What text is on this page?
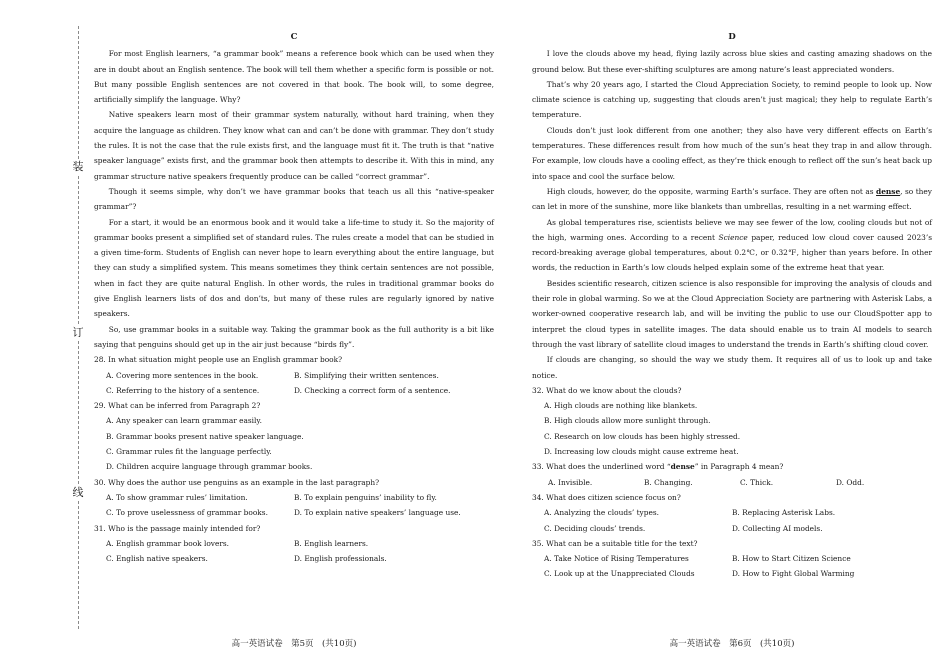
装
订
线
C

For most English learners, “a grammar book” means a reference book which can be used when they are in doubt about an English sentence. The book will tell them whether a specific form is possible or not. But many possible English sentences are not covered in that book. The book will, to some degree, artificially simplify the language. Why?

Native speakers learn most of their grammar system naturally, without hard training, when they acquire the language as children. They know what can and can’t be done with grammar. They don’t study the rules. It is not the case that the rule exists first, and the language must fit it. The truth is that “native speaker language” exists first, and the grammar book then attempts to describe it. With this in mind, any grammar structure native speakers frequently produce can be called “correct grammar”.

Though it seems simple, why don’t we have grammar books that teach us all this “native-speaker grammar”?

For a start, it would be an enormous book and it would take a life-time to study it. So the majority of grammar books present a simplified set of standard rules. The rules create a model that can be studied in a given time-form. Students of English can never hope to learn everything about the entire language, but they can study a simplified system. This means sometimes they think certain sentences are not possible, when in fact they are quite natural English. In other words, the rules in traditional grammar books do give English learners lists of dos and don’ts, but many of these rules are regularly ignored by native speakers.

So, use grammar books in a suitable way. Taking the grammar book as the full authority is a bit like saying that penguins should get up in the air just because “birds fly”.

28. In what situation might people use an English grammar book?

A. Covering more sentences in the book.	B. Simplifying their written sentences.
C. Referring to the history of a sentence.	D. Checking a correct form of a sentence.

29. What can be inferred from Paragraph 2?

A. Any speaker can learn grammar easily.

B. Grammar books present native speaker language.

C. Grammar rules fit the language perfectly.

D. Children acquire language through grammar books.

30. Why does the author use penguins as an example in the last paragraph?

A. To show grammar rules’ limitation.	B. To explain penguins’ inability to fly.
C. To prove uselessness of grammar books.	D. To explain native speakers’ language use.

31. Who is the passage mainly intended for?

A. English grammar book lovers.	B. English learners.
C. English native speakers.	D. English professionals.
D

I love the clouds above my head, flying lazily across blue skies and casting amazing shadows on the ground below. But these ever-shifting sculptures are among nature’s least appreciated wonders.

That’s why 20 years ago, I started the Cloud Appreciation Society, to remind people to look up. Now climate science is catching up, suggesting that clouds aren’t just magical; they help to regulate Earth’s temperature.

Clouds don’t just look different from one another; they also have very different effects on Earth’s temperatures. These differences result from how much of the sun’s heat they trap in and allow through. For example, low clouds have a cooling effect, as they’re thick enough to reflect off the sun’s heat back up into space and cool the surface below.

High clouds, however, do the opposite, warming Earth’s surface. They are often not as dense, so they can let in more of the sunshine, more like blankets than umbrellas, resulting in a net warming effect.

As global temperatures rise, scientists believe we may see fewer of the low, cooling clouds but not of the high, warming ones. According to a recent Science paper, reduced low cloud cover caused 2023’s record-breaking average global temperatures, about 0.2℃, or 0.32℉, higher than years before. In other words, the reduction in Earth’s low clouds helped explain some of the extreme heat that year.

Besides scientific research, citizen science is also responsible for improving the analysis of clouds and their role in global warming. So we at the Cloud Appreciation Society are partnering with Asterisk Labs, a worker-owned cooperative research lab, and will be inviting the public to use our CloudSpotter app to interpret the cloud types in satellite images. The data should enable us to train AI models to search through the vast library of satellite cloud images to understand the trends in Earth’s shifting cloud cover.

If clouds are changing, so should the way we study them. It requires all of us to look up and take notice.

32. What do we know about the clouds?

A. High clouds are nothing like blankets.

B. High clouds allow more sunlight through.

C. Research on low clouds has been highly stressed.

D. Increasing low clouds might cause extreme heat.

33. What does the underlined word “dense” in Paragraph 4 mean?

A. Invisible.	B. Changing.	C. Thick.	D. Odd.

34. What does citizen science focus on?

A. Analyzing the clouds’ types.	B. Replacing Asterisk Labs.
C. Deciding clouds’ trends.	D. Collecting AI models.

35. What can be a suitable title for the text?

A. Take Notice of Rising Temperatures	B. How to Start Citizen Science
C. Look up at the Unappreciated Clouds	D. How to Fight Global Warming
高一英语试卷　第5页　(共10页)	高一英语试卷　第6页　(共10页)
